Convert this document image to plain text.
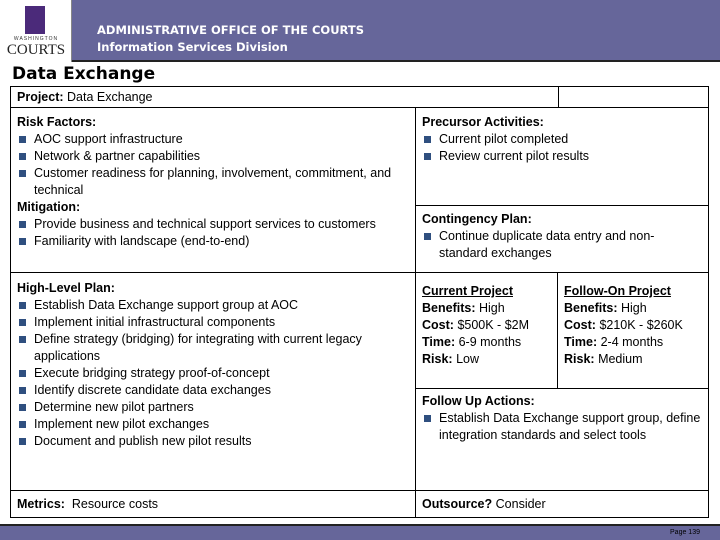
WASHINGTON
COURTS
ADMINISTRATIVE OFFICE OF THE COURTS
Information Services Division
Data Exchange
Project: Data Exchange
Risk Factors:
AOC support infrastructure
Network & partner capabilities
Customer readiness for planning, involvement, commitment, and technical
Mitigation:
Provide business and technical support services to customers
Familiarity with landscape (end-to-end)
Precursor Activities:
Current pilot completed
Review current pilot results
Contingency Plan:
Continue duplicate data entry and non-standard exchanges
High-Level Plan:
Establish Data Exchange support group at AOC
Implement initial infrastructural components
Define strategy (bridging) for integrating with current legacy applications
Execute bridging strategy proof-of-concept
Identify discrete candidate data exchanges
Determine new pilot partners
Implement new pilot exchanges
Document and publish new pilot results
Current Project
Benefits: High
Cost: $500K - $2M
Time: 6-9 months
Risk: Low
Follow-On Project
Benefits: High
Cost: $210K - $260K
Time: 2-4 months
Risk: Medium
Follow Up Actions:
Establish Data Exchange support group, define integration standards and select tools
Metrics: Resource costs	Outsource? Consider
Page 139
